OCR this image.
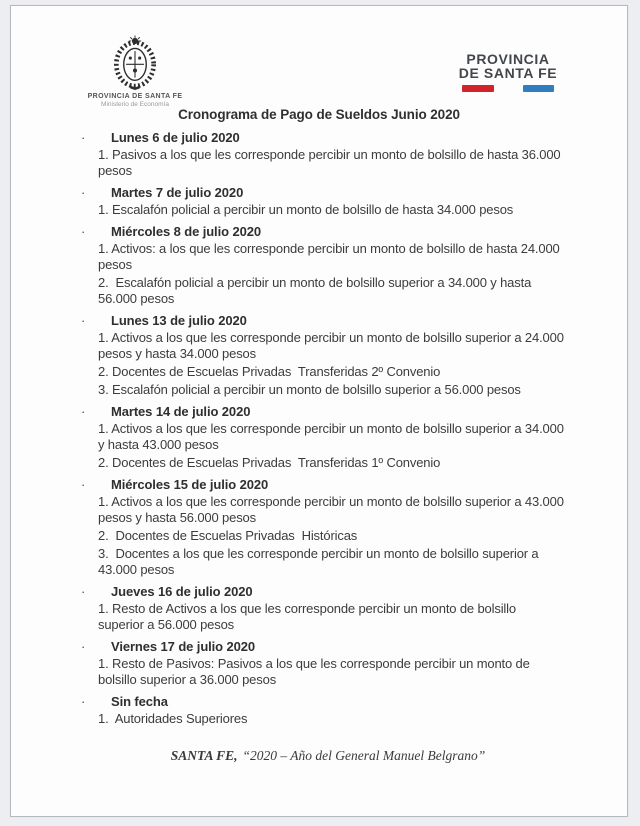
PROVINCIA DE SANTA FE
Ministerio de Economía
PROVINCIA
DE SANTA FE
Cronograma de Pago de Sueldos Junio 2020
· Lunes 6 de julio 2020

1. Pasivos a los que les corresponde percibir un monto de bolsillo de hasta 36.000 pesos

· Martes 7 de julio 2020

1. Escalafón policial a percibir un monto de bolsillo de hasta 34.000 pesos

· Miércoles 8 de julio 2020

1. Activos: a los que les corresponde percibir un monto de bolsillo de hasta 24.000 pesos

2.  Escalafón policial a percibir un monto de bolsillo superior a 34.000 y hasta 56.000 pesos

· Lunes 13 de julio 2020

1. Activos a los que les corresponde percibir un monto de bolsillo superior a 24.000 pesos y hasta 34.000 pesos

2. Docentes de Escuelas Privadas  Transferidas 2º Convenio

3. Escalafón policial a percibir un monto de bolsillo superior a 56.000 pesos

· Martes 14 de julio 2020

1. Activos a los que les corresponde percibir un monto de bolsillo superior a 34.000 y hasta 43.000 pesos

2. Docentes de Escuelas Privadas  Transferidas 1º Convenio

· Miércoles 15 de julio 2020

1. Activos a los que les corresponde percibir un monto de bolsillo superior a 43.000 pesos y hasta 56.000 pesos

2.  Docentes de Escuelas Privadas  Históricas

3.  Docentes a los que les corresponde percibir un monto de bolsillo superior a 43.000 pesos

· Jueves 16 de julio 2020

1. Resto de Activos a los que les corresponde percibir un monto de bolsillo superior a 56.000 pesos

· Viernes 17 de julio 2020

1. Resto de Pasivos: Pasivos a los que les corresponde percibir un monto de bolsillo superior a 36.000 pesos

· Sin fecha

1.  Autoridades Superiores

SANTA FE, “2020 – Año del General Manuel Belgrano”
